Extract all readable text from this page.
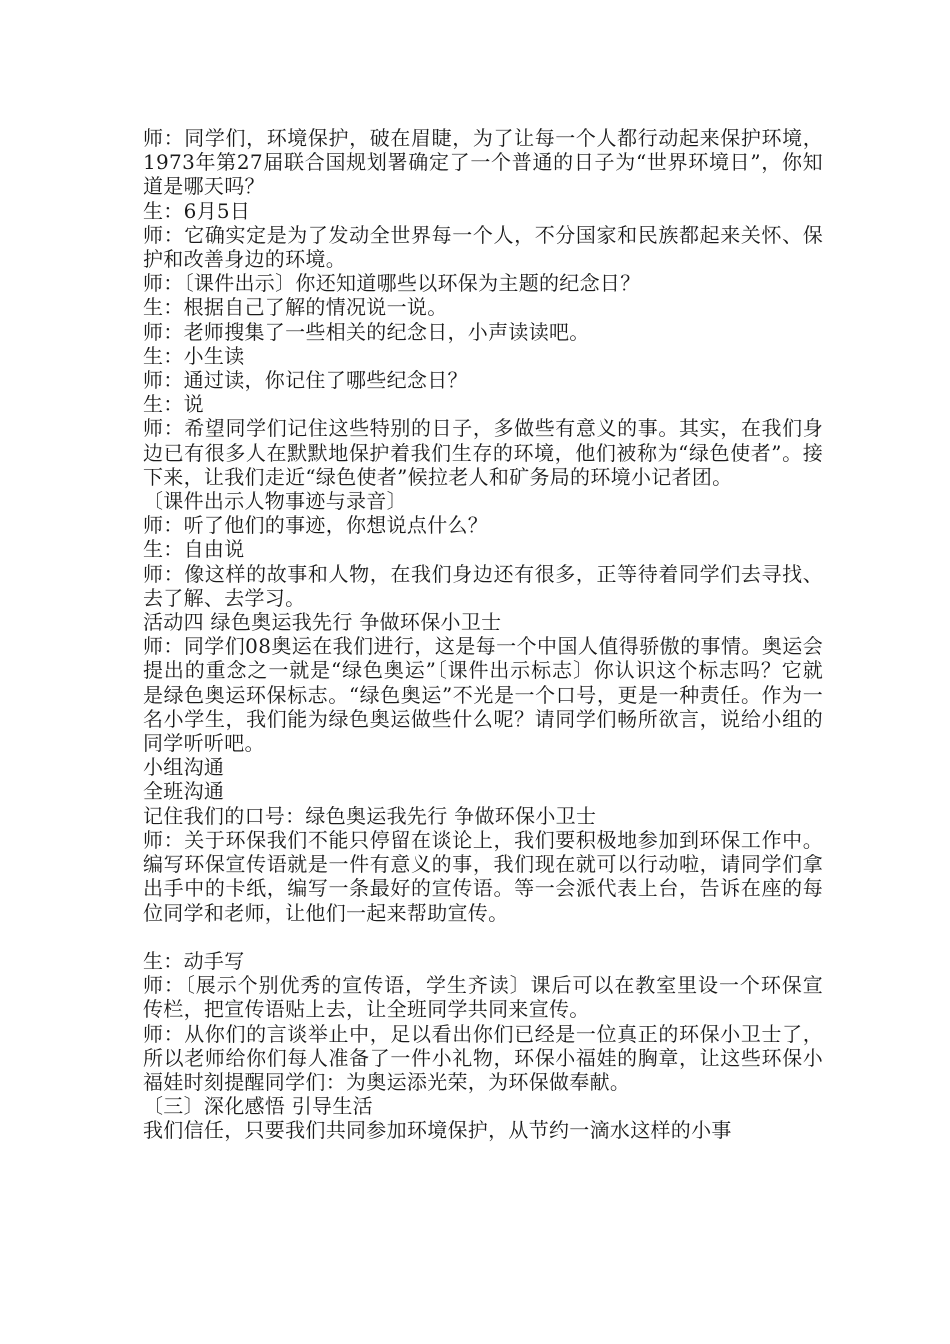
师：同学们，环境保护，破在眉睫，为了让每一个人都行动起来保护环境，1973年第27届联合国规划署确定了一个普通的日子为“世界环境日”，你知道是哪天吗？

生：6月5日

师：它确实定是为了发动全世界每一个人，不分国家和民族都起来关怀、保护和改善身边的环境。

师：〔课件出示〕你还知道哪些以环保为主题的纪念日？

生：根据自己了解的情况说一说。

师：老师搜集了一些相关的纪念日，小声读读吧。

生：小生读

师：通过读，你记住了哪些纪念日？

生：说

师：希望同学们记住这些特别的日子，多做些有意义的事。其实，在我们身边已有很多人在默默地保护着我们生存的环境，他们被称为“绿色使者”。接下来，让我们走近“绿色使者”候拉老人和矿务局的环境小记者团。

〔课件出示人物事迹与录音〕

师：听了他们的事迹，你想说点什么？

生：自由说

师：像这样的故事和人物，在我们身边还有很多，正等待着同学们去寻找、去了解、去学习。

活动四 绿色奥运我先行 争做环保小卫士

师：同学们08奥运在我们进行，这是每一个中国人值得骄傲的事情。奥运会提出的重念之一就是“绿色奥运”〔课件出示标志〕你认识这个标志吗？它就是绿色奥运环保标志。“绿色奥运”不光是一个口号，更是一种责任。作为一名小学生，我们能为绿色奥运做些什么呢？请同学们畅所欲言，说给小组的同学听听吧。

小组沟通

全班沟通

记住我们的口号：绿色奥运我先行 争做环保小卫士

师：关于环保我们不能只停留在谈论上，我们要积极地参加到环保工作中。编写环保宣传语就是一件有意义的事，我们现在就可以行动啦，请同学们拿出手中的卡纸，编写一条最好的宣传语。等一会派代表上台，告诉在座的每位同学和老师，让他们一起来帮助宣传。

生：动手写

师：〔展示个别优秀的宣传语，学生齐读〕课后可以在教室里设一个环保宣传栏，把宣传语贴上去，让全班同学共同来宣传。

师：从你们的言谈举止中，足以看出你们已经是一位真正的环保小卫士了，所以老师给你们每人准备了一件小礼物，环保小福娃的胸章，让这些环保小福娃时刻提醒同学们：为奥运添光荣，为环保做奉献。

〔三〕深化感悟 引导生活

我们信任，只要我们共同参加环境保护，从节约一滴水这样的小事
